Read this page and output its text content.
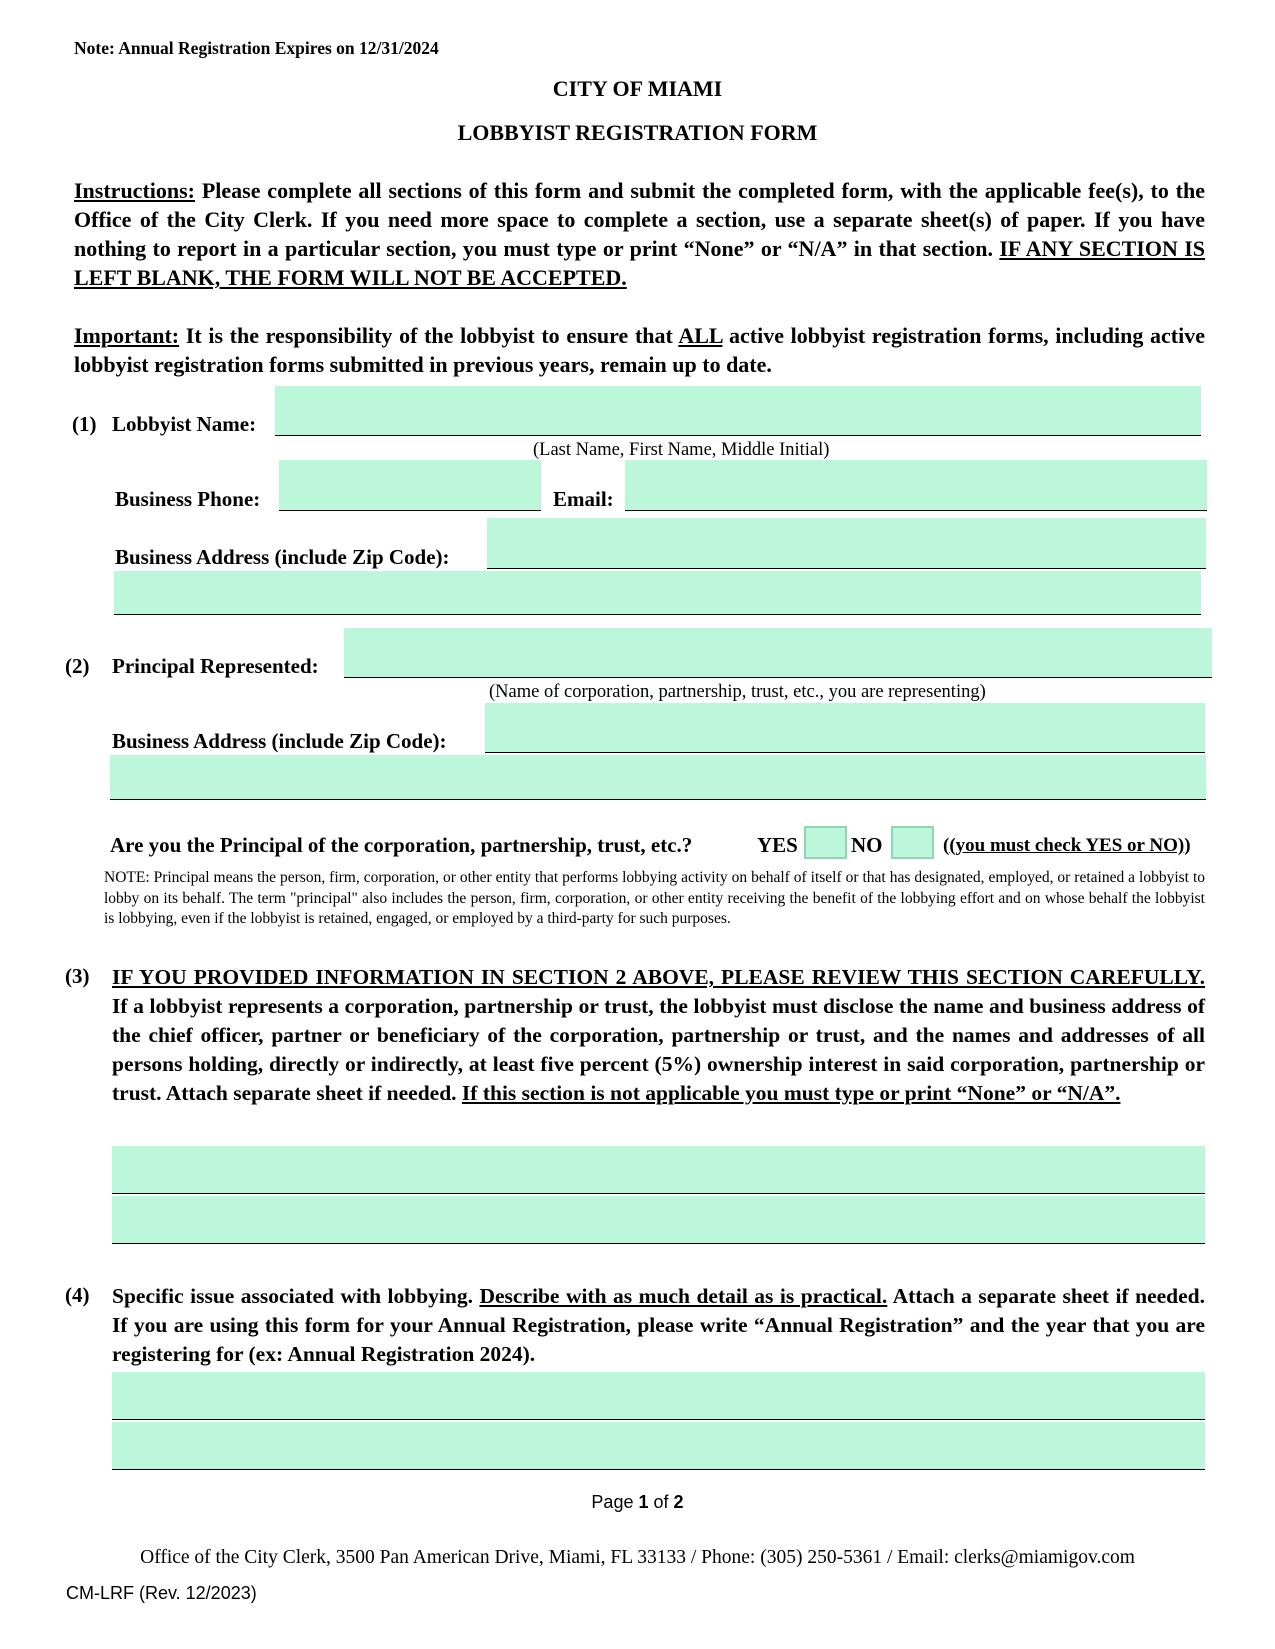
Note: Annual Registration Expires on 12/31/2024
CITY OF MIAMI
LOBBYIST REGISTRATION FORM
Instructions: Please complete all sections of this form and submit the completed form, with the applicable fee(s), to the Office of the City Clerk. If you need more space to complete a section, use a separate sheet(s) of paper. If you have nothing to report in a particular section, you must type or print “None” or “N/A” in that section. IF ANY SECTION IS LEFT BLANK, THE FORM WILL NOT BE ACCEPTED.
Important: It is the responsibility of the lobbyist to ensure that ALL active lobbyist registration forms, including active lobbyist registration forms submitted in previous years, remain up to date.
(1) Lobbyist Name:
(Last Name, First Name, Middle Initial)
Business Phone:	Email:
Business Address (include Zip Code):
(2) Principal Represented:
(Name of corporation, partnership, trust, etc., you are representing)
Business Address (include Zip Code):
Are you the Principal of the corporation, partnership, trust, etc.?	YES	NO	((you must check YES or NO))
NOTE: Principal means the person, firm, corporation, or other entity that performs lobbying activity on behalf of itself or that has designated, employed, or retained a lobbyist to lobby on its behalf. The term "principal" also includes the person, firm, corporation, or other entity receiving the benefit of the lobbying effort and on whose behalf the lobbyist is lobbying, even if the lobbyist is retained, engaged, or employed by a third-party for such purposes.
(3) IF YOU PROVIDED INFORMATION IN SECTION 2 ABOVE, PLEASE REVIEW THIS SECTION CAREFULLY. If a lobbyist represents a corporation, partnership or trust, the lobbyist must disclose the name and business address of the chief officer, partner or beneficiary of the corporation, partnership or trust, and the names and addresses of all persons holding, directly or indirectly, at least five percent (5%) ownership interest in said corporation, partnership or trust. Attach separate sheet if needed. If this section is not applicable you must type or print “None” or “N/A”.
(4) Specific issue associated with lobbying. Describe with as much detail as is practical. Attach a separate sheet if needed. If you are using this form for your Annual Registration, please write “Annual Registration” and the year that you are registering for (ex: Annual Registration 2024).
Page 1 of 2
Office of the City Clerk, 3500 Pan American Drive, Miami, FL 33133 / Phone: (305) 250-5361 / Email: clerks@miamigov.com
CM-LRF (Rev. 12/2023)
